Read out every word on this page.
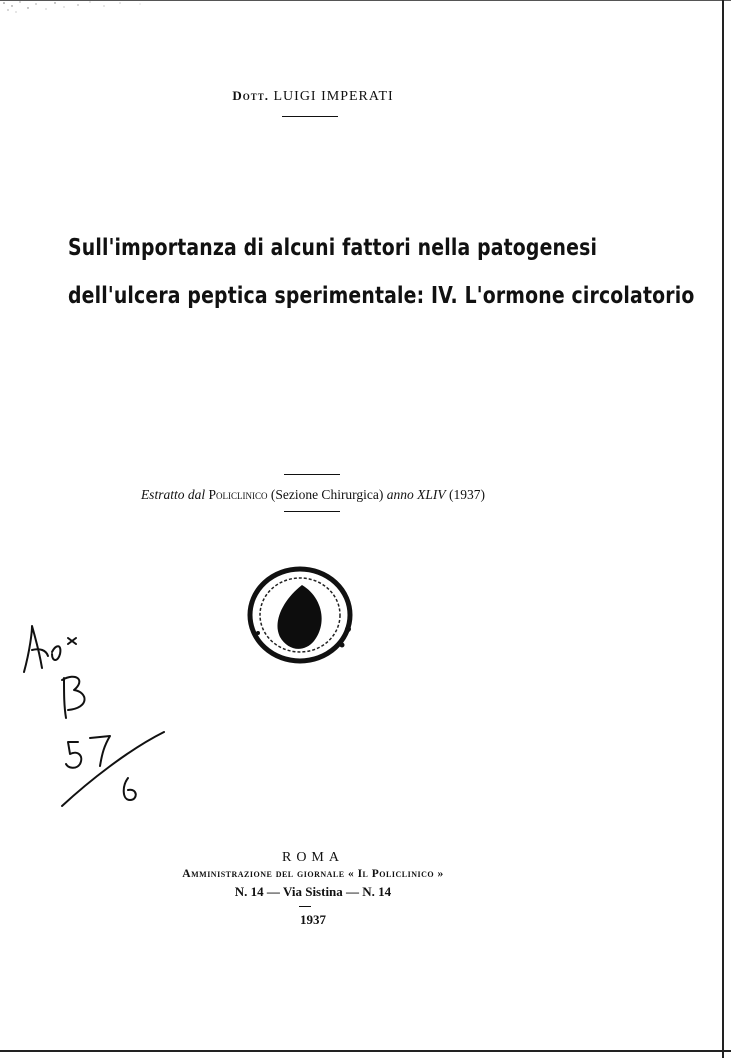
Dott. LUIGI IMPERATI
Sull'importanza di alcuni fattori nella patogenesi
dell'ulcera peptica sperimentale: IV. L'ormone circolatorio
Estratto dal Policlinico (Sezione Chirurgica) anno XLIV (1937)
ROMA
Amministrazione del giornale « Il Policlinico »
N. 14 — Via Sistina — N. 14
1937
